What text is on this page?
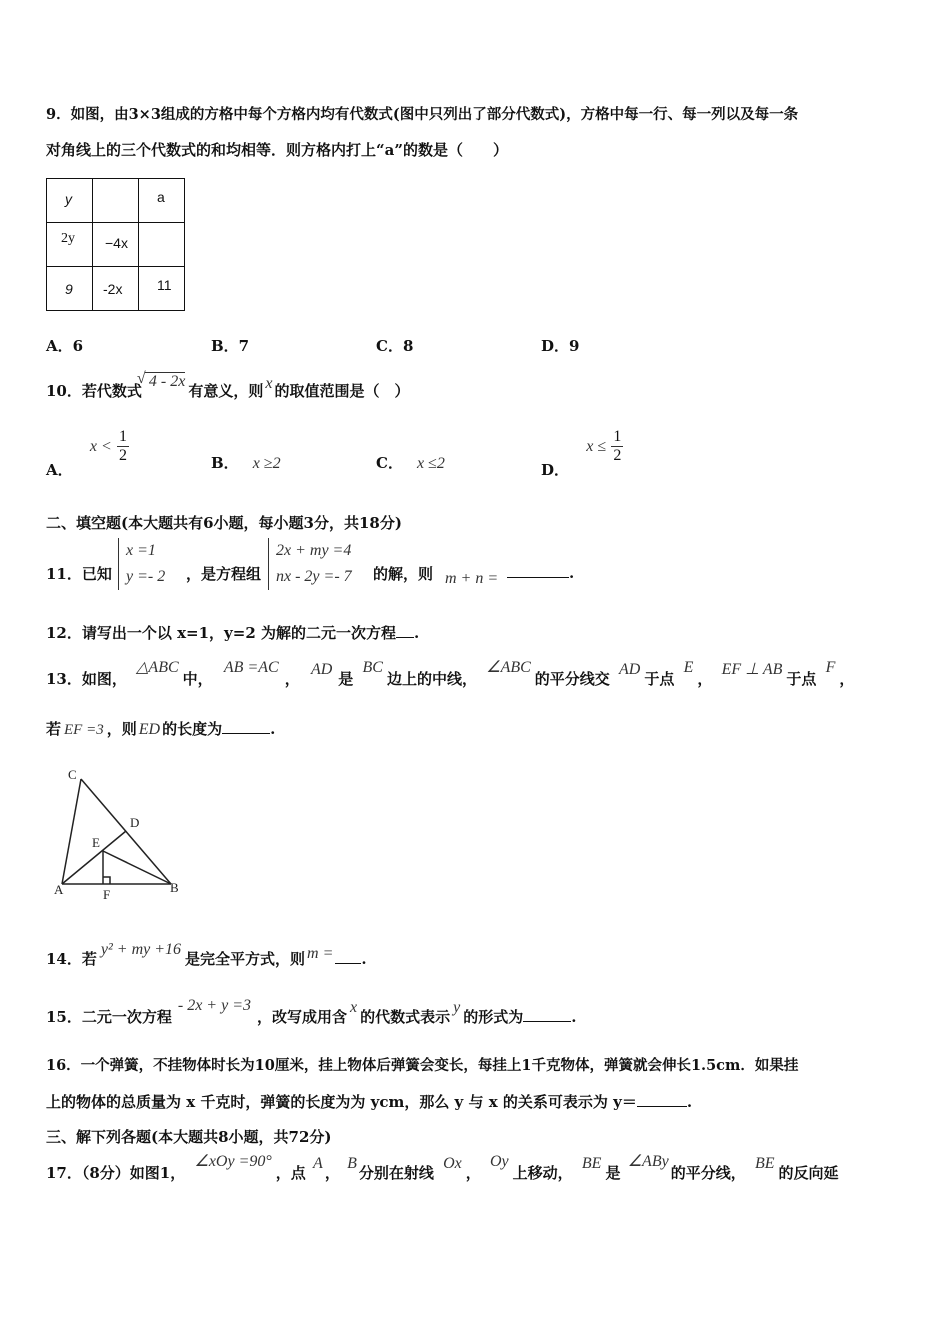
9．如图，由3×3组成的方格中每个方格内均有代数式(图中只列出了部分代数式)，方格中每一行、每一列以及每一条
对角线上的三个代数式的和均相等．则方格内打上“a”的数是（　　）
y		a

2y	−4x	

9	-2x	11
A．6	B．7	C．8	D．9
10．若代数式
√ 4 - 2x有意义，则 x 的取值范围是（　）
A． $x < \frac{1}{2}$	B． x ≥2	C． x ≤2	D． $x \le \frac{1}{2}$
二、填空题(本大题共有6小题，每小题3分，共18分)
11．已知
x =1
y =- 2 ，是方程组
2x + my =4
nx - 2y =- 7 的解，则 m + n =	.
12．请写出一个以 x=1，y=2 为解的二元一次方程 .
13．如图， △ABC中， AB =AC， AD是 BC边上的中线， ∠ABC的平分线交 AD于点 E， EF ⊥ AB于点 F，
若 EF =3 ，则 ED 的长度为	.
C
D
E
A	F	B
14．若y² + my +16是完全平方式，则 m = .
15．二元一次方程- 2x + y =3，改写成用含x的代数式表示y的形式为	.
16．一个弹簧，不挂物体时长为10厘米，挂上物体后弹簧会变长，每挂上1千克物体，弹簧就会伸长1.5cm．如果挂
上的物体的总质量为 x 千克时，弹簧的长度为为 ycm，那么 y 与 x 的关系可表示为 y＝	.
三、解下列各题(本大题共8小题，共72分)
17．（8分）如图1， ∠xOy =90°，点 A， B分别在射线 Ox， Oy上移动， BE是 ∠ABy的平分线， BE的反向延
